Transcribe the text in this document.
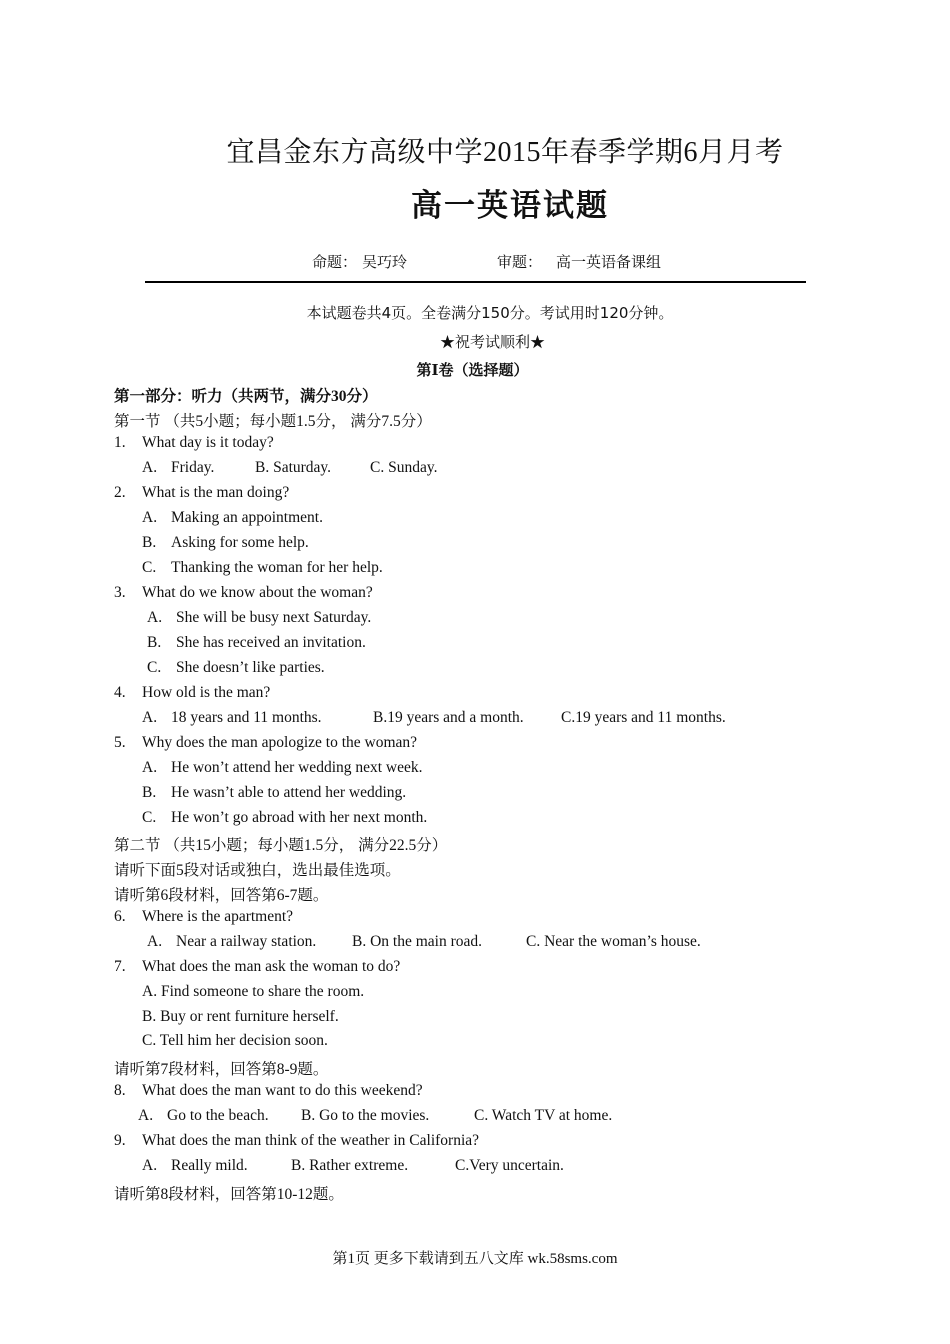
宜昌金东方高级中学2015年春季学期6月月考
高一英语试题
命题： 吴巧玲	审题： 高一英语备课组
本试题卷共4页。全卷满分150分。考试用时120分钟。
★祝考试顺利★
第Ⅰ卷（选择题）
第一部分：听力（共两节，满分30分）
第一节 （共5小题；每小题1.5分， 满分7.5分）
1. What day is it today?
A. Friday.	B. Saturday.	C. Sunday.
2. What is the man doing?
A. Making an appointment.
B. Asking for some help.
C. Thanking the woman for her help.
3. What do we know about the woman?
A. She will be busy next Saturday.
B. She has received an invitation.
C. She doesn’t like parties.
4. How old is the man?
A. 18 years and 11 months.	B.19 years and a month. C.19 years and 11 months.
5. Why does the man apologize to the woman?
A. He won’t attend her wedding next week.
B. He wasn’t able to attend her wedding.
C. He won’t go abroad with her next month.
第二节 （共15小题；每小题1.5分， 满分22.5分）
请听下面5段对话或独白，选出最佳选项。
请听第6段材料，回答第6-7题。
6. Where is the apartment?
A. Near a railway station. B. On the main road.	C. Near the woman’s house.
7. What does the man ask the woman to do?
A. Find someone to share the room.
B. Buy or rent furniture herself.
C. Tell him her decision soon.
请听第7段材料，回答第8-9题。
8. What does the man want to do this weekend?
A. Go to the beach. B. Go to the movies.	C. Watch TV at home.
9. What does the man think of the weather in California?
A. Really mild.	B. Rather extreme.	C.Very uncertain.
请听第8段材料，回答第10-12题。
第1页 更多下载请到五八文库 wk.58sms.com
